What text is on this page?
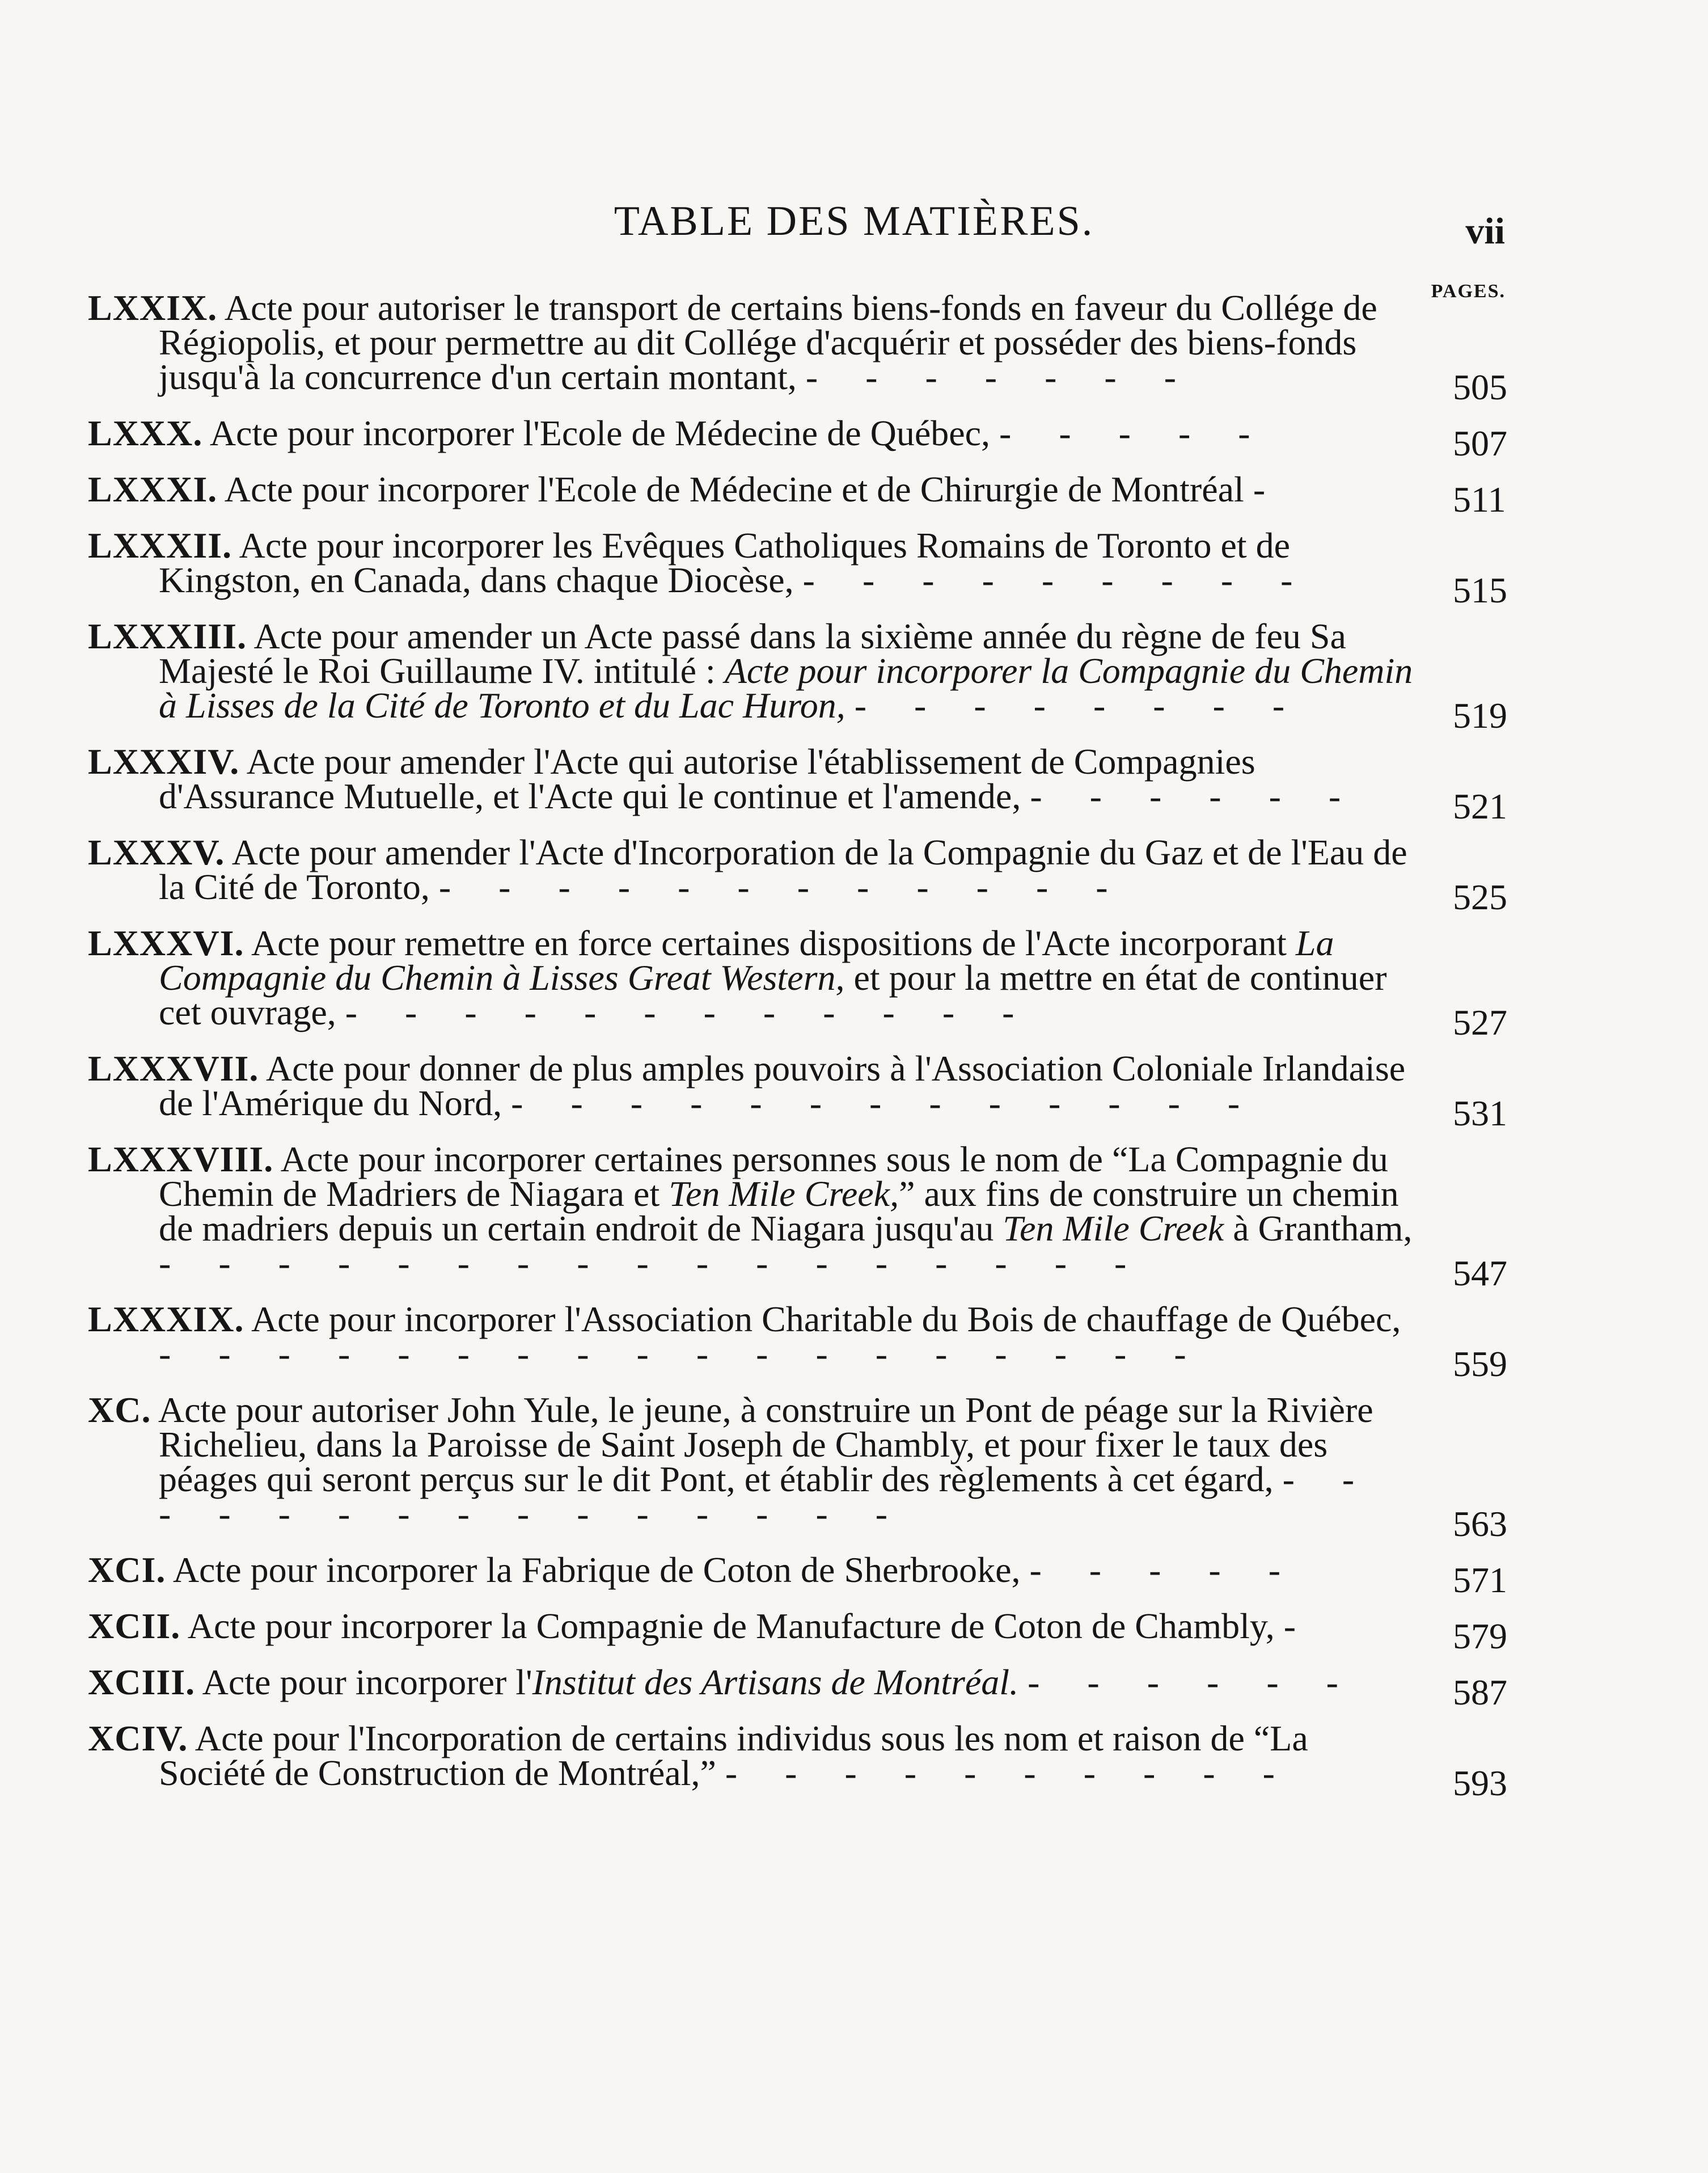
TABLE DES MATIÈRES.	vii
PAGES.
LXXIX. Acte pour autoriser le transport de certains biens-fonds en faveur du Collége de Régiopolis, et pour permettre au dit Collége d'acquérir et posséder des biens-fonds jusqu'à la concurrence d'un certain montant, - - - - - - -	505
LXXX. Acte pour incorporer l'Ecole de Médecine de Québec, - - - - -	507
LXXXI. Acte pour incorporer l'Ecole de Médecine et de Chirurgie de Montréal -	511
LXXXII. Acte pour incorporer les Evêques Catholiques Romains de Toronto et de Kingston, en Canada, dans chaque Diocèse, - - - - - - - - -	515
LXXXIII. Acte pour amender un Acte passé dans la sixième année du règne de feu Sa Majesté le Roi Guillaume IV. intitulé : Acte pour incorporer la Compagnie du Chemin à Lisses de la Cité de Toronto et du Lac Huron, - - - - - - - -	519
LXXXIV. Acte pour amender l'Acte qui autorise l'établissement de Compagnies d'Assurance Mutuelle, et l'Acte qui le continue et l'amende, - - - - - -	521
LXXXV. Acte pour amender l'Acte d'Incorporation de la Compagnie du Gaz et de l'Eau de la Cité de Toronto, - - - - - - - - - - - -	525
LXXXVI. Acte pour remettre en force certaines dispositions de l'Acte incorporant La Compagnie du Chemin à Lisses Great Western, et pour la mettre en état de continuer cet ouvrage, - - - - - - - - - - - -	527
LXXXVII. Acte pour donner de plus amples pouvoirs à l'Association Coloniale Irlandaise de l'Amérique du Nord, - - - - - - - - - - - - -	531
LXXXVIII. Acte pour incorporer certaines personnes sous le nom de “La Compagnie du Chemin de Madriers de Niagara et Ten Mile Creek,” aux fins de construire un chemin de madriers depuis un certain endroit de Niagara jusqu'au Ten Mile Creek à Grantham, - - - - - - - - - - - - - - - - -	547
LXXXIX. Acte pour incorporer l'Association Charitable du Bois de chauffage de Québec, - - - - - - - - - - - - - - - - - -	559
XC. Acte pour autoriser John Yule, le jeune, à construire un Pont de péage sur la Rivière Richelieu, dans la Paroisse de Saint Joseph de Chambly, et pour fixer le taux des péages qui seront perçus sur le dit Pont, et établir des règlements à cet égard, - - - - - - - - - - - - - - -	563
XCI. Acte pour incorporer la Fabrique de Coton de Sherbrooke, - - - - -	571
XCII. Acte pour incorporer la Compagnie de Manufacture de Coton de Chambly, -	579
XCIII. Acte pour incorporer l'Institut des Artisans de Montréal. - - - - - -	587
XCIV. Acte pour l'Incorporation de certains individus sous les nom et raison de “La Société de Construction de Montréal,” - - - - - - - - - -	593
